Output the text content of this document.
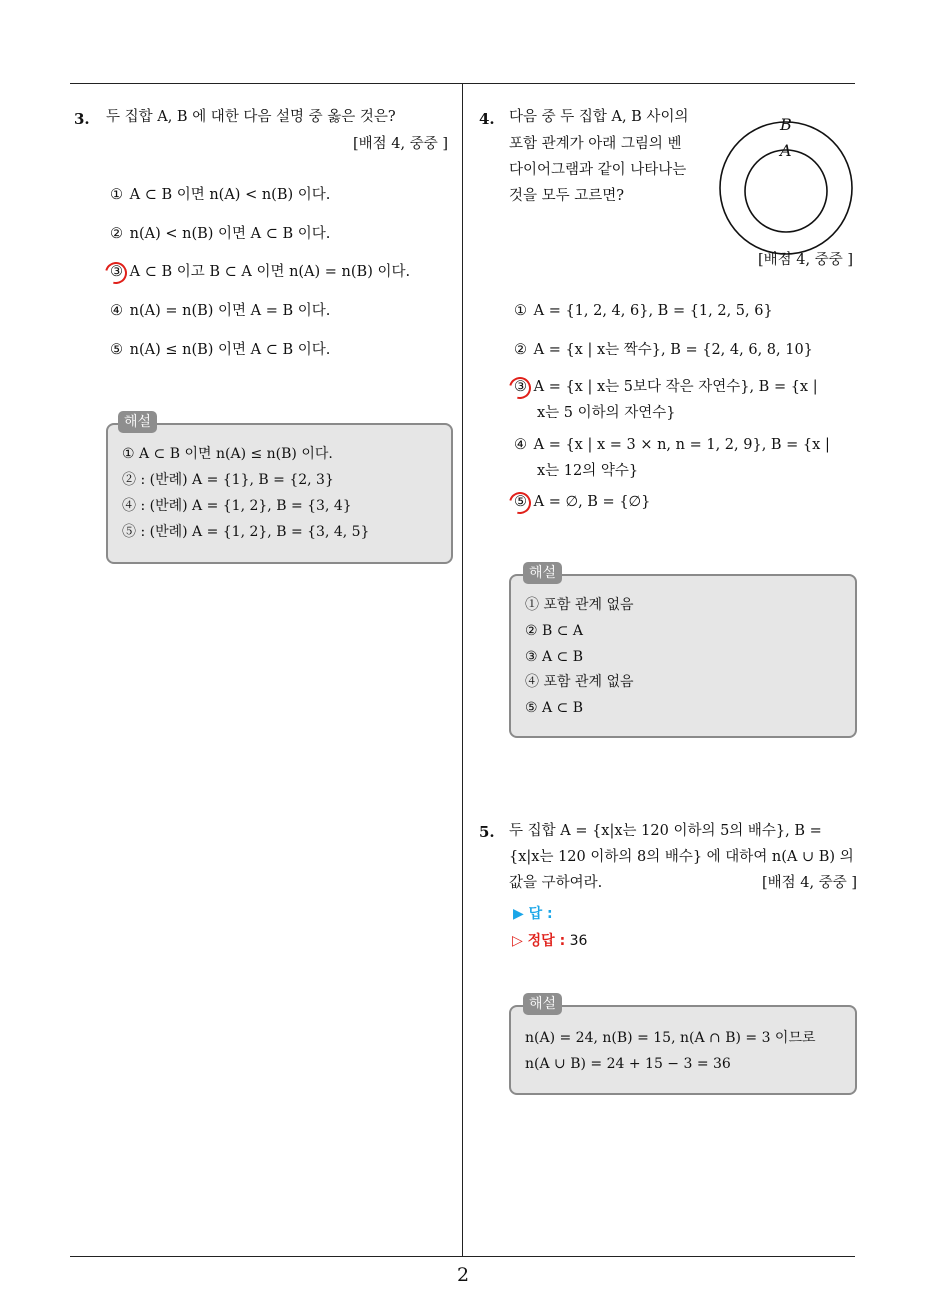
2
3. 두 집합 A, B 에 대한 다음 설명 중 옳은 것은?
[배점 4, 중중 ]
① A ⊂ B 이면 n(A) < n(B) 이다.
② n(A) < n(B) 이면 A ⊂ B 이다.
③ A ⊂ B 이고 B ⊂ A 이면 n(A) = n(B) 이다.
④ n(A) = n(B) 이면 A = B 이다.
⑤ n(A) ≤ n(B) 이면 A ⊂ B 이다.
① A ⊂ B 이면 n(A) ≤ n(B) 이다.
② : (반례) A = {1}, B = {2, 3}
④ : (반례) A = {1, 2}, B = {3, 4}
⑤ : (반례) A = {1, 2}, B = {3, 4, 5}
해설
4. 다음 중 두 집합 A, B 사이의
포함 관계가 아래 그림의 벤
다이어그램과 같이 나타나는
것을 모두 고르면?
B
A
[배점 4, 중중 ]
① A = {1, 2, 4, 6}, B = {1, 2, 5, 6}
② A = {x | x는 짝수}, B = {2, 4, 6, 8, 10}
③ A = {x | x는 5보다 작은 자연수}, B = {x |
x는 5 이하의 자연수}
④ A = {x | x = 3 × n, n = 1, 2, 9}, B = {x |
x는 12의 약수}
⑤ A = ∅, B = {∅}
① 포함 관계 없음
② B ⊂ A
③ A ⊂ B
④ 포함 관계 없음
⑤ A ⊂ B
해설
5. 두 집합 A = {x|x는 120 이하의 5의 배수}, B =
{x|x는 120 이하의 8의 배수} 에 대하여 n(A ∪ B) 의
값을 구하여라.	[배점 4, 중중 ]
▶ 답 :
▷ 정답 : 36
n(A) = 24, n(B) = 15, n(A ∩ B) = 3 이므로
n(A ∪ B) = 24 + 15 − 3 = 36
해설
